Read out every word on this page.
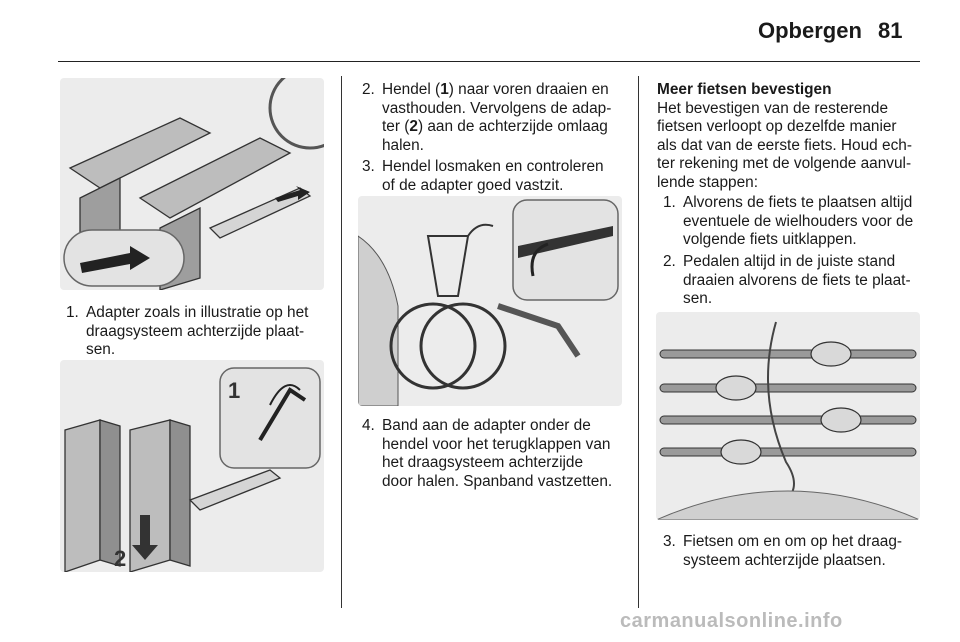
Opbergen 81
1. Adapter zoals in illustratie op het
draagsysteem achterzijde plaat-
sen.
1
2
2. Hendel (1) naar voren draaien en
vasthouden. Vervolgens de adap-
ter (2) aan de achterzijde omlaag
halen.
3. Hendel losmaken en controleren
of de adapter goed vastzit.
4. Band aan de adapter onder de
hendel voor het terugklappen van
het draagsysteem achterzijde
door halen. Spanband vastzetten.
Meer fietsen bevestigen
Het bevestigen van de resterende
fietsen verloopt op dezelfde manier
als dat van de eerste fiets. Houd ech-
ter rekening met de volgende aanvul-
lende stappen:
1. Alvorens de fiets te plaatsen altijd
eventuele de wielhouders voor de
volgende fiets uitklappen.
2. Pedalen altijd in de juiste stand
draaien alvorens de fiets te plaat-
sen.
3. Fietsen om en om op het draag-
systeem achterzijde plaatsen.
carmanualsonline.info
